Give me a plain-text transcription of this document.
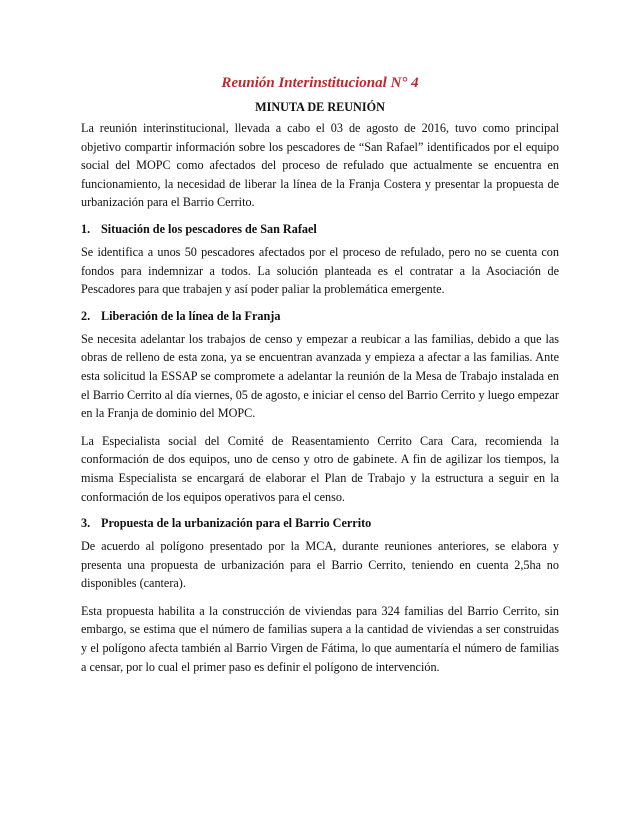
Reunión Interinstitucional N° 4
MINUTA DE REUNIÓN

La reunión interinstitucional, llevada a cabo el 03 de agosto de 2016, tuvo como principal objetivo compartir información sobre los pescadores de “San Rafael” identificados por el equipo social del MOPC como afectados del proceso de refulado que actualmente se encuentra en funcionamiento, la necesidad de liberar la línea de la Franja Costera y presentar la propuesta de urbanización para el Barrio Cerrito.

1. Situación de los pescadores de San Rafael

Se identifica a unos 50 pescadores afectados por el proceso de refulado, pero no se cuenta con fondos para indemnizar a todos. La solución planteada es el contratar a la Asociación de Pescadores para que trabajen y así poder paliar la problemática emergente.

2. Liberación de la línea de la Franja

Se necesita adelantar los trabajos de censo y empezar a reubicar a las familias, debido a que las obras de relleno de esta zona, ya se encuentran avanzada y empieza a afectar a las familias. Ante esta solicitud la ESSAP se compromete a adelantar la reunión de la Mesa de Trabajo instalada en el Barrio Cerrito al día viernes, 05 de agosto, e iniciar el censo del Barrio Cerrito y luego empezar en la Franja de dominio del MOPC.

La Especialista social del Comité de Reasentamiento Cerrito Cara Cara, recomienda la conformación de dos equipos, uno de censo y otro de gabinete. A fin de agilizar los tiempos, la misma Especialista se encargará de elaborar el Plan de Trabajo y la estructura a seguir en la conformación de los equipos operativos para el censo.

3. Propuesta de la urbanización para el Barrio Cerrito

De acuerdo al polígono presentado por la MCA, durante reuniones anteriores, se elabora y presenta una propuesta de urbanización para el Barrio Cerrito, teniendo en cuenta 2,5ha no disponibles (cantera).

Esta propuesta habilita a la construcción de viviendas para 324 familias del Barrio Cerrito, sin embargo, se estima que el número de familias supera a la cantidad de viviendas a ser construidas y el polígono afecta también al Barrio Virgen de Fátima, lo que aumentaría el número de familias a censar, por lo cual el primer paso es definir el polígono de intervención.
